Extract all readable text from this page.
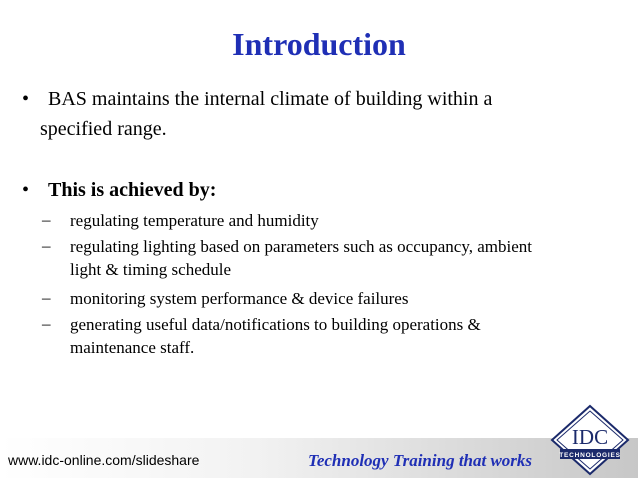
Introduction
• BAS maintains the internal climate of building within a
specified range.
• This is achieved by:
– regulating temperature and humidity
– regulating lighting based on parameters such as occupancy, ambient
light & timing schedule
– monitoring system performance & device failures
– generating useful data/notifications to building operations &
maintenance staff.
www.idc-online.com/slideshare	Technology Training that works
IDC
TECHNOLOGIES
